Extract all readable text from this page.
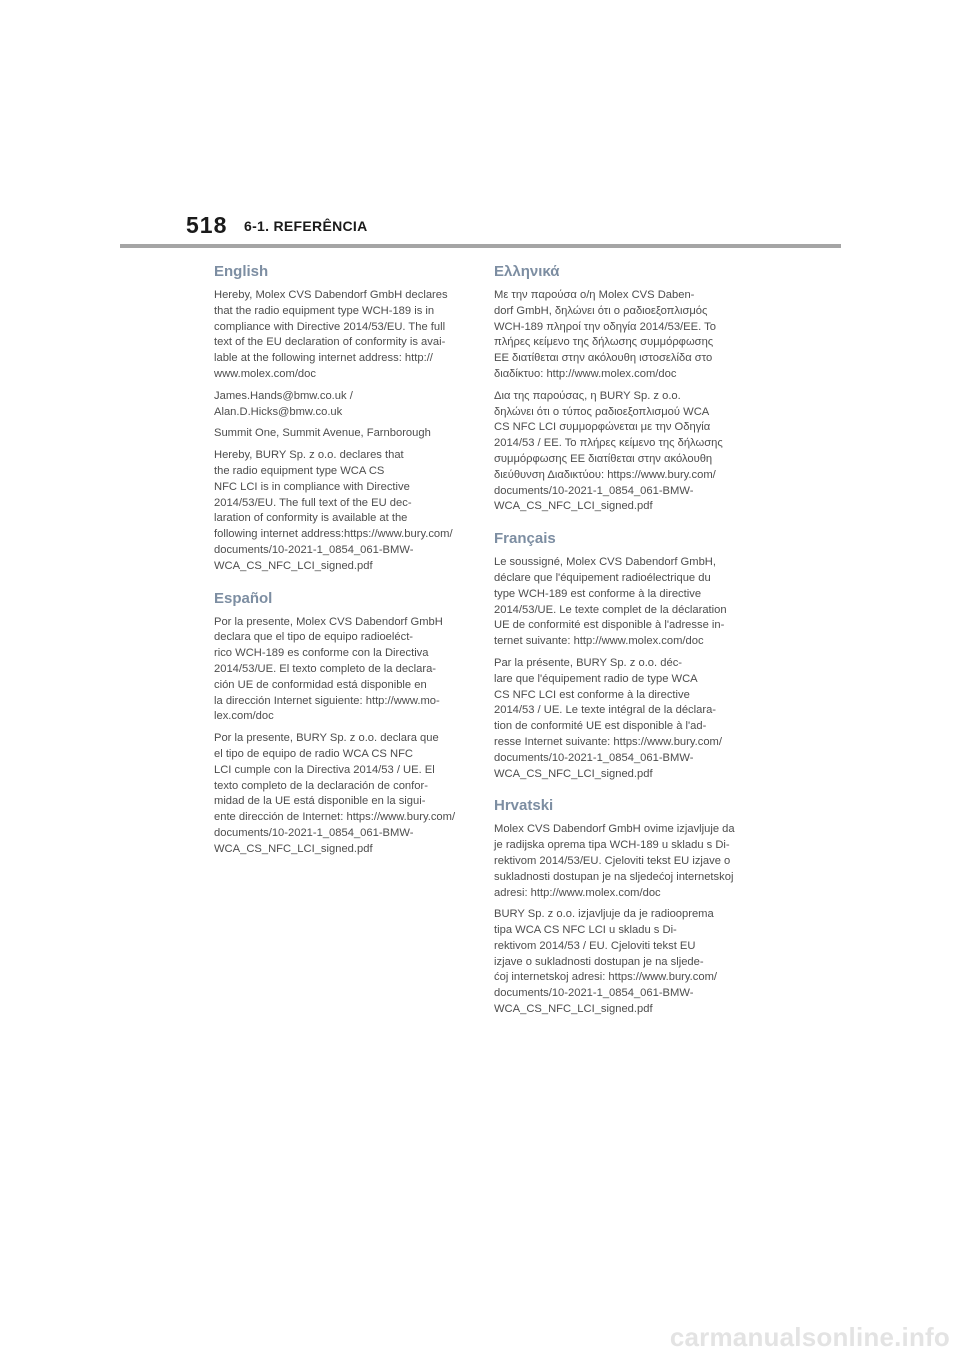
518 6-1. REFERÊNCIA
English

Hereby, Molex CVS Dabendorf GmbH declares
that the radio equipment type WCH-189 is in
compliance with Directive 2014/53/EU. The full
text of the EU declaration of conformity is avai-
lable at the following internet address: http://
www.molex.com/doc

James.Hands@bmw.co.uk /
Alan.D.Hicks@bmw.co.uk

Summit One, Summit Avenue, Farnborough

Hereby, BURY Sp. z o.o. declares that
the radio equipment type WCA CS
NFC LCI is in compliance with Directive
2014/53/EU. The full text of the EU dec-
laration of conformity is available at the
following internet address:https://www.bury.com/
documents/10-2021-1_0854_061-BMW-
WCA_CS_NFC_LCI_signed.pdf

Español

Por la presente, Molex CVS Dabendorf GmbH
declara que el tipo de equipo radioeléct-
rico WCH-189 es conforme con la Directiva
2014/53/UE. El texto completo de la declara-
ción UE de conformidad está disponible en
la dirección Internet siguiente: http://www.mo-
lex.com/doc

Por la presente, BURY Sp. z o.o. declara que
el tipo de equipo de radio WCA CS NFC
LCI cumple con la Directiva 2014/53 / UE. El
texto completo de la declaración de confor-
midad de la UE está disponible en la sigui-
ente dirección de Internet: https://www.bury.com/
documents/10-2021-1_0854_061-BMW-
WCA_CS_NFC_LCI_signed.pdf

Ελληνικά

Με την παρούσα ο/η Molex CVS Daben-
dorf GmbH, δηλώνει ότι ο ραδιοεξοπλισμός
WCH-189 πληροί την οδηγία 2014/53/ΕΕ. Το
πλήρες κείμενο της δήλωσης συμμόρφωσης
ΕΕ διατίθεται στην ακόλουθη ιστοσελίδα στο
διαδίκτυο: http://www.molex.com/doc

Δια της παρούσας, η BURY Sp. z o.o.
δηλώνει ότι ο τύπος ραδιοεξοπλισμού WCA
CS NFC LCI συμμορφώνεται με την Οδηγία
2014/53 / ΕΕ. Το πλήρες κείμενο της δήλωσης
συμμόρφωσης ΕΕ διατίθεται στην ακόλουθη
διεύθυνση Διαδικτύου: https://www.bury.com/
documents/10-2021-1_0854_061-BMW-
WCA_CS_NFC_LCI_signed.pdf

Français

Le soussigné, Molex CVS Dabendorf GmbH,
déclare que l'équipement radioélectrique du
type WCH-189 est conforme à la directive
2014/53/UE. Le texte complet de la déclaration
UE de conformité est disponible à l'adresse in-
ternet suivante: http://www.molex.com/doc

Par la présente, BURY Sp. z o.o. déc-
lare que l'équipement radio de type WCA
CS NFC LCI est conforme à la directive
2014/53 / UE. Le texte intégral de la déclara-
tion de conformité UE est disponible à l'ad-
resse Internet suivante: https://www.bury.com/
documents/10-2021-1_0854_061-BMW-
WCA_CS_NFC_LCI_signed.pdf

Hrvatski

Molex CVS Dabendorf GmbH ovime izjavljuje da
je radijska oprema tipa WCH-189 u skladu s Di-
rektivom 2014/53/EU. Cjeloviti tekst EU izjave o
sukladnosti dostupan je na sljedećoj internetskoj
adresi: http://www.molex.com/doc

BURY Sp. z o.o. izjavljuje da je radiooprema
tipa WCA CS NFC LCI u skladu s Di-
rektivom 2014/53 / EU. Cjeloviti tekst EU
izjave o sukladnosti dostupan je na sljede-
ćoj internetskoj adresi: https://www.bury.com/
documents/10-2021-1_0854_061-BMW-
WCA_CS_NFC_LCI_signed.pdf

carmanualsonline.info
